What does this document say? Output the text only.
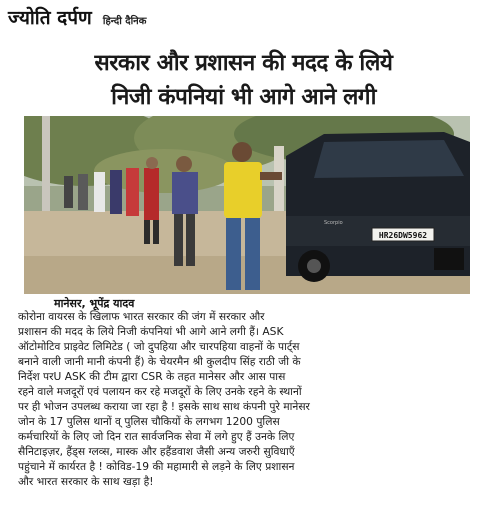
ज्योति दर्पण हिन्दी दैनिक
सरकार और प्रशासन की मदद के लिये
निजी कंपनियां भी आगे आने लगी
HR26DW5962
Scorpio
मानेसर, भूपेंद्र यादव
कोरोना वायरस के खिलाफ भारत सरकार की जंग में सरकार और
प्रशासन की मदद के लिये निजी कंपनियां भी आगे आने लगी हैं। ASK
ऑटोमोटिव प्राइवेट लिमिटेड ( जो दुपहिया और चारपहिया वाहनों के पार्ट्स
बनाने वाली जानी मानी कंपनी हैं) के चेयरमैन श्री कुलदीप सिंह राठी जी के
निर्देश परU ASK की टीम द्वारा CSR के तहत मानेसर और आस पास
रहने वाले मजदूरों एवं पलायन कर रहे मजदूरों के लिए उनके रहने के स्थानों
पर ही भोजन उपलब्ध कराया जा रहा है ! इसके साथ साथ कंपनी पुरे मानेसर
जोन के 17 पुलिस थानों व् पुलिस चौकियों के लगभग 1200 पुलिस
कर्मचारियों के लिए जो दिन रात सार्वजनिक सेवा में लगे हुए हैं उनके लिए
सैनिटाइज़र, हैंड्स ग्लव्स, मास्क और हहैंडवाश जैसी अन्य जरुरी सुविधाएँ
पहुंचाने में कार्यरत है ! कोविड-19 की महामारी से लड़ने के लिए प्रशासन
और भारत सरकार के साथ खड़ा है!
